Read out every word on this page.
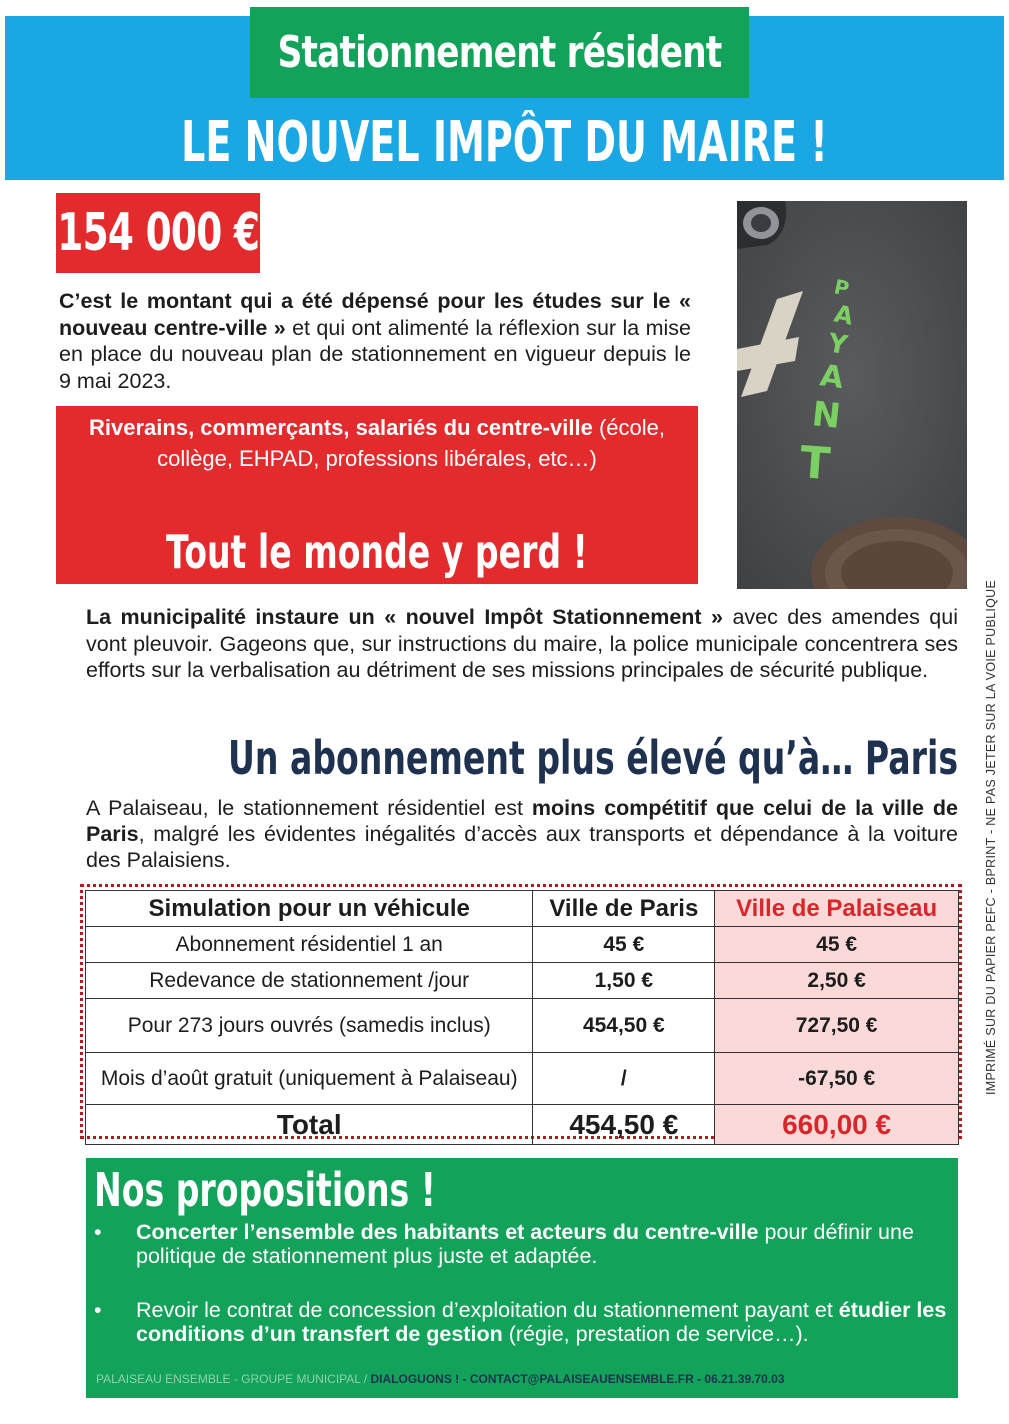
Stationnement résident
LE NOUVEL IMPÔT DU MAIRE !
154 000 €

C’est le montant qui a été dépensé pour les études sur le « nouveau centre-ville » et qui ont alimenté la réflexion sur la mise en place du nouveau plan de stationnement en vigueur depuis le 9 mai 2023.

Riverains, commerçants, salariés du centre-ville (école, collège, EHPAD, professions libérales, etc…)

Tout le monde y perd !
P
A
Y
A
N
T

La municipalité instaure un « nouvel Impôt Stationnement » avec des amendes qui vont pleuvoir. Gageons que, sur instructions du maire, la police municipale concentrera ses efforts sur la verbalisation au détriment de ses missions principales de sécurité publique.

Un abonnement plus élevé qu’à… Paris

A Palaiseau, le stationnement résidentiel est moins compétitif que celui de la ville de Paris, malgré les évidentes inégalités d’accès aux transports et dépendance à la voiture des Palaisiens.

Simulation pour un véhicule	Ville de Paris	Ville de Palaiseau
Abonnement résidentiel 1 an	45 €	45 €
Redevance de stationnement /jour	1,50 €	2,50 €
Pour 273 jours ouvrés (samedis inclus)	454,50 €	727,50 €
Mois d’août gratuit (uniquement à Palaiseau)	/	-67,50 €
Total	454,50 €	660,00 €
IMPRIMÉ SUR DU PAPIER PEFC - BPRINT - NE PAS JETER SUR LA VOIE PUBLIQUE
Nos propositions !
• Concerter l’ensemble des habitants et acteurs du centre-ville pour définir une politique de stationnement plus juste et adaptée.
• Revoir le contrat de concession d’exploitation du stationnement payant et étudier les conditions d’un transfert de gestion (régie, prestation de service…).
PALAISEAU ENSEMBLE - GROUPE MUNICIPAL / DIALOGUONS ! - CONTACT@PALAISEAUENSEMBLE.FR - 06.21.39.70.03
